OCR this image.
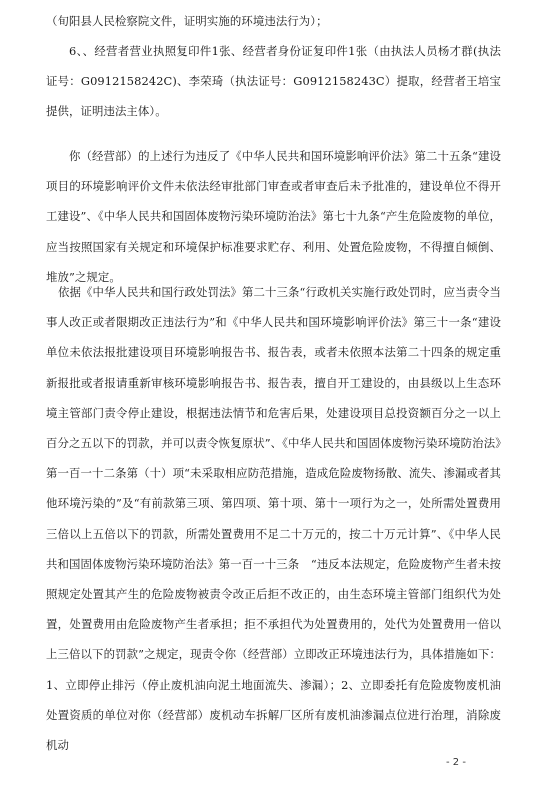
（旬阳县人民检察院文件，证明实施的环境违法行为）；

6、、经营者营业执照复印件1张、经营者身份证复印件1张（由执法人员杨才群(执法证号：G0912158242C)、李荣琦（执法证号：G0912158243C）提取，经营者王培宝提供，证明违法主体）。

你（经营部）的上述行为违反了《中华人民共和国环境影响评价法》第二十五条“建设项目的环境影响评价文件未依法经审批部门审查或者审查后未予批准的，建设单位不得开工建设”、《中华人民共和国固体废物污染环境防治法》第七十九条“产生危险废物的单位，应当按照国家有关规定和环境保护标准要求贮存、利用、处置危险废物，不得擅自倾倒、堆放”之规定。

依据《中华人民共和国行政处罚法》第二十三条“行政机关实施行政处罚时，应当责令当事人改正或者限期改正违法行为”和《中华人民共和国环境影响评价法》第三十一条“建设单位未依法报批建设项目环境影响报告书、报告表，或者未依照本法第二十四条的规定重新报批或者报请重新审核环境影响报告书、报告表，擅自开工建设的，由县级以上生态环境主管部门责令停止建设，根据违法情节和危害后果，处建设项目总投资额百分之一以上百分之五以下的罚款，并可以责令恢复原状”、《中华人民共和国固体废物污染环境防治法》第一百一十二条第（十）项“未采取相应防范措施，造成危险废物扬散、流失、渗漏或者其他环境污染的”及“有前款第三项、第四项、第十项、第十一项行为之一，处所需处置费用三倍以上五倍以下的罚款，所需处置费用不足二十万元的，按二十万元计算”、《中华人民共和国固体废物污染环境防治法》第一百一十三条　“违反本法规定，危险废物产生者未按照规定处置其产生的危险废物被责令改正后拒不改正的，由生态环境主管部门组织代为处置，处置费用由危险废物产生者承担；拒不承担代为处置费用的，处代为处置费用一倍以上三倍以下的罚款”之规定，现责令你（经营部）立即改正环境违法行为，具体措施如下：1、立即停止排污（停止废机油向泥土地面流失、渗漏）；2、立即委托有危险废物废机油处置资质的单位对你（经营部）废机动车拆解厂区所有废机油渗漏点位进行治理，消除废机动

- 2 -
